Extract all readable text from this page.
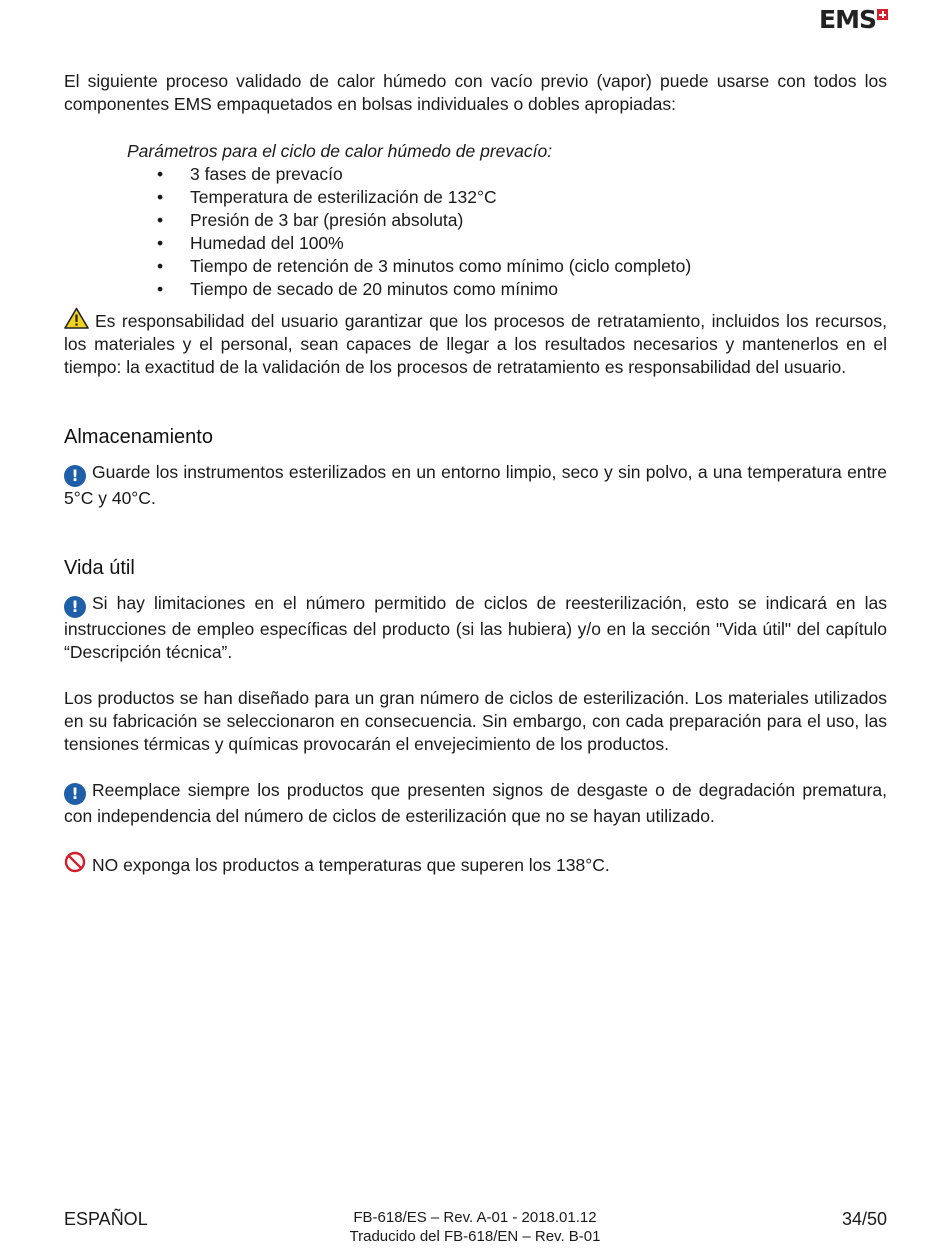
EMS

El siguiente proceso validado de calor húmedo con vacío previo (vapor) puede usarse con todos los componentes EMS empaquetados en bolsas individuales o dobles apropiadas:

Parámetros para el ciclo de calor húmedo de prevacío:
• 3 fases de prevacío
• Temperatura de esterilización de 132°C
• Presión de 3 bar (presión absoluta)
• Humedad del 100%
• Tiempo de retención de 3 minutos como mínimo (ciclo completo)
• Tiempo de secado de 20 minutos como mínimo

Es responsabilidad del usuario garantizar que los procesos de retratamiento, incluidos los recursos, los materiales y el personal, sean capaces de llegar a los resultados necesarios y mantenerlos en el tiempo: la exactitud de la validación de los procesos de retratamiento es responsabilidad del usuario.

Almacenamiento

! Guarde los instrumentos esterilizados en un entorno limpio, seco y sin polvo, a una temperatura entre 5°C y 40°C.

Vida útil

! Si hay limitaciones en el número permitido de ciclos de reesterilización, esto se indicará en las instrucciones de empleo específicas del producto (si las hubiera) y/o en la sección "Vida útil" del capítulo “Descripción técnica”.

Los productos se han diseñado para un gran número de ciclos de esterilización. Los materiales utilizados en su fabricación se seleccionaron en consecuencia. Sin embargo, con cada preparación para el uso, las tensiones térmicas y químicas provocarán el envejecimiento de los productos.

! Reemplace siempre los productos que presenten signos de desgaste o de degradación prematura, con independencia del número de ciclos de esterilización que no se hayan utilizado.

NO exponga los productos a temperaturas que superen los 138°C.

ESPAÑOL	FB-618/ES – Rev. A-01 - 2018.01.12
Traducido del FB-618/EN – Rev. B-01
34/50
